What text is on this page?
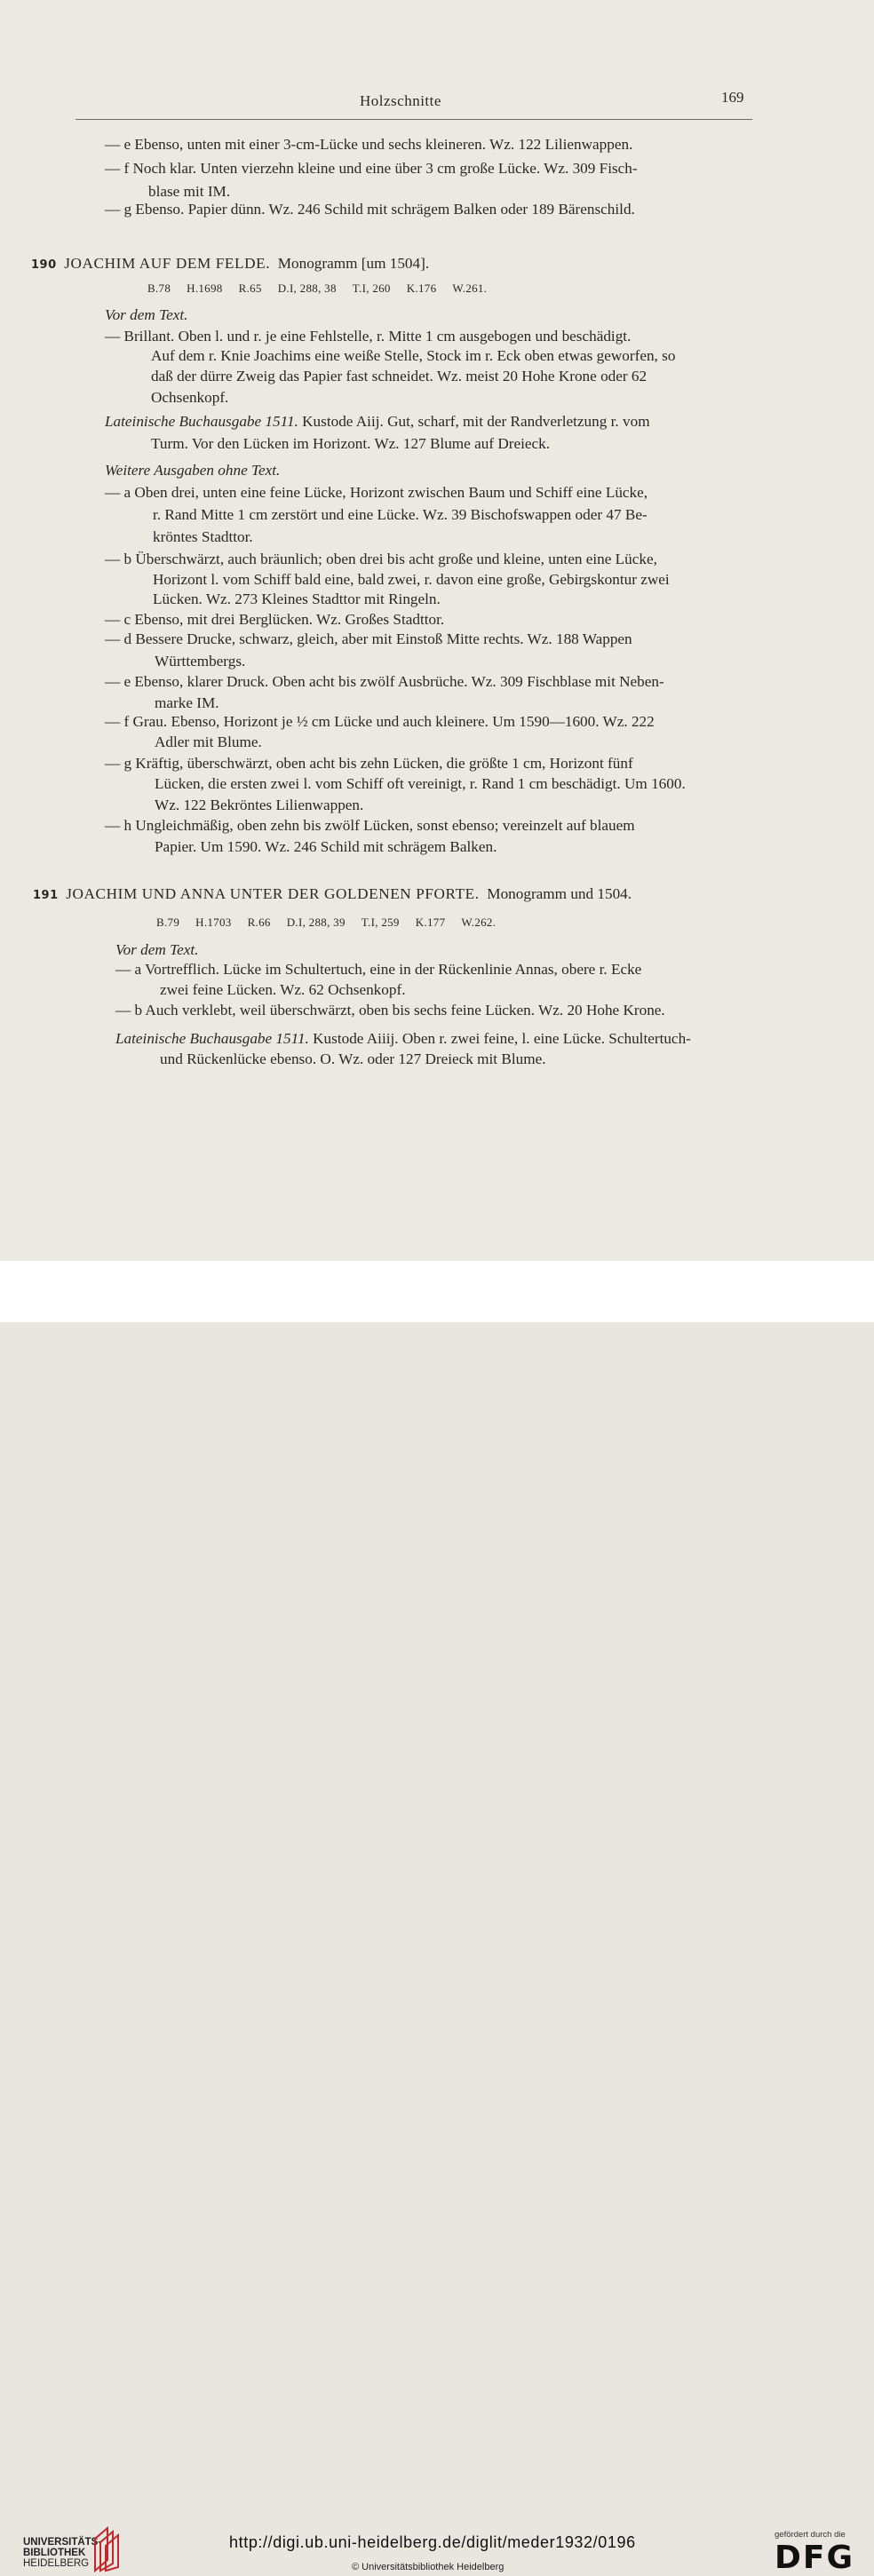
Holzschnitte	169
— e Ebenso, unten mit einer 3-cm-Lücke und sechs kleineren. Wz. 122 Lilienwappen.
— f Noch klar. Unten vierzehn kleine und eine über 3 cm große Lücke. Wz. 309 Fisch-
blase mit IM.
— g Ebenso. Papier dünn. Wz. 246 Schild mit schrägem Balken oder 189 Bärenschild.
190 JOACHIM AUF DEM FELDE. Monogramm [um 1504].
B.78 H.1698 R.65 D.I, 288, 38 T.I, 260 K.176 W.261.
Vor dem Text.
— Brillant. Oben l. und r. je eine Fehlstelle, r. Mitte 1 cm ausgebogen und beschädigt.
Auf dem r. Knie Joachims eine weiße Stelle, Stock im r. Eck oben etwas geworfen, so
daß der dürre Zweig das Papier fast schneidet. Wz. meist 20 Hohe Krone oder 62
Ochsenkopf.
Lateinische Buchausgabe 1511. Kustode Aiij. Gut, scharf, mit der Randverletzung r. vom
Turm. Vor den Lücken im Horizont. Wz. 127 Blume auf Dreieck.
Weitere Ausgaben ohne Text.
— a Oben drei, unten eine feine Lücke, Horizont zwischen Baum und Schiff eine Lücke,
r. Rand Mitte 1 cm zerstört und eine Lücke. Wz. 39 Bischofswappen oder 47 Be-
kröntes Stadttor.
— b Überschwärzt, auch bräunlich; oben drei bis acht große und kleine, unten eine Lücke,
Horizont l. vom Schiff bald eine, bald zwei, r. davon eine große, Gebirgskontur zwei
Lücken. Wz. 273 Kleines Stadttor mit Ringeln.
— c Ebenso, mit drei Berglücken. Wz. Großes Stadttor.
— d Bessere Drucke, schwarz, gleich, aber mit Einstoß Mitte rechts. Wz. 188 Wappen
Württembergs.
— e Ebenso, klarer Druck. Oben acht bis zwölf Ausbrüche. Wz. 309 Fischblase mit Neben-
marke IM.
— f Grau. Ebenso, Horizont je ½ cm Lücke und auch kleinere. Um 1590—1600. Wz. 222
Adler mit Blume.
— g Kräftig, überschwärzt, oben acht bis zehn Lücken, die größte 1 cm, Horizont fünf
Lücken, die ersten zwei l. vom Schiff oft vereinigt, r. Rand 1 cm beschädigt. Um 1600.
Wz. 122 Bekröntes Lilienwappen.
— h Ungleichmäßig, oben zehn bis zwölf Lücken, sonst ebenso; vereinzelt auf blauem
Papier. Um 1590. Wz. 246 Schild mit schrägem Balken.
191 JOACHIM UND ANNA UNTER DER GOLDENEN PFORTE. Monogramm und 1504.
B.79 H.1703 R.66 D.I, 288, 39 T.I, 259 K.177 W.262.
Vor dem Text.
— a Vortrefflich. Lücke im Schultertuch, eine in der Rückenlinie Annas, obere r. Ecke
zwei feine Lücken. Wz. 62 Ochsenkopf.
— b Auch verklebt, weil überschwärzt, oben bis sechs feine Lücken. Wz. 20 Hohe Krone.
Lateinische Buchausgabe 1511. Kustode Aiiij. Oben r. zwei feine, l. eine Lücke. Schultertuch-
und Rückenlücke ebenso. O. Wz. oder 127 Dreieck mit Blume.
UNIVERSITÄTS-
BIBLIOTHEK
HEIDELBERG
http://digi.ub.uni-heidelberg.de/diglit/meder1932/0196
© Universitätsbibliothek Heidelberg
gefördert durch die
DFG
